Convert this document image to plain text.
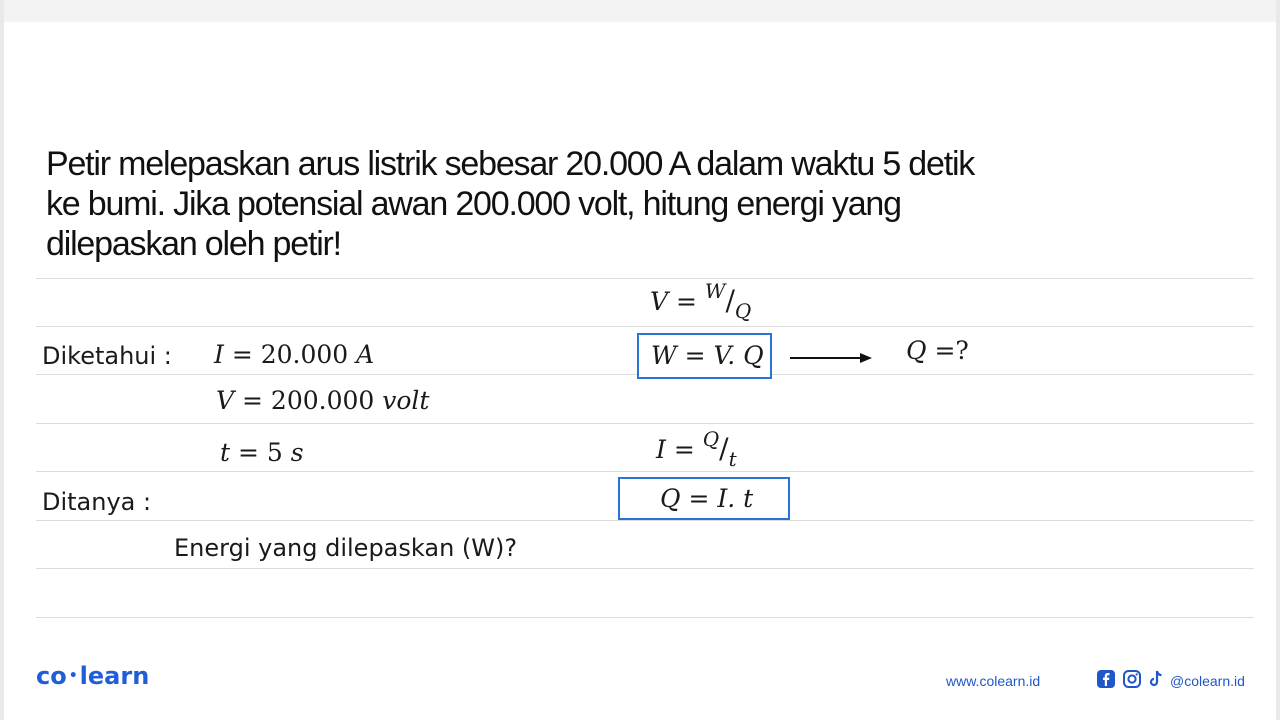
Petir melepaskan arus listrik sebesar 20.000 A dalam waktu 5 detik
ke bumi. Jika potensial awan 200.000 volt, hitung energi yang
dilepaskan oleh petir!

Diketahui : I = 20.000 A
V = 200.000 volt
t = 5 s
Ditanya :
Energi yang dilepaskan (W)?
$V = ^W/_Q$
W = V. Q	Q =?
$I = ^Q/_t$
Q = I. t
co •learn	www.colearn.id	@colearn.id
